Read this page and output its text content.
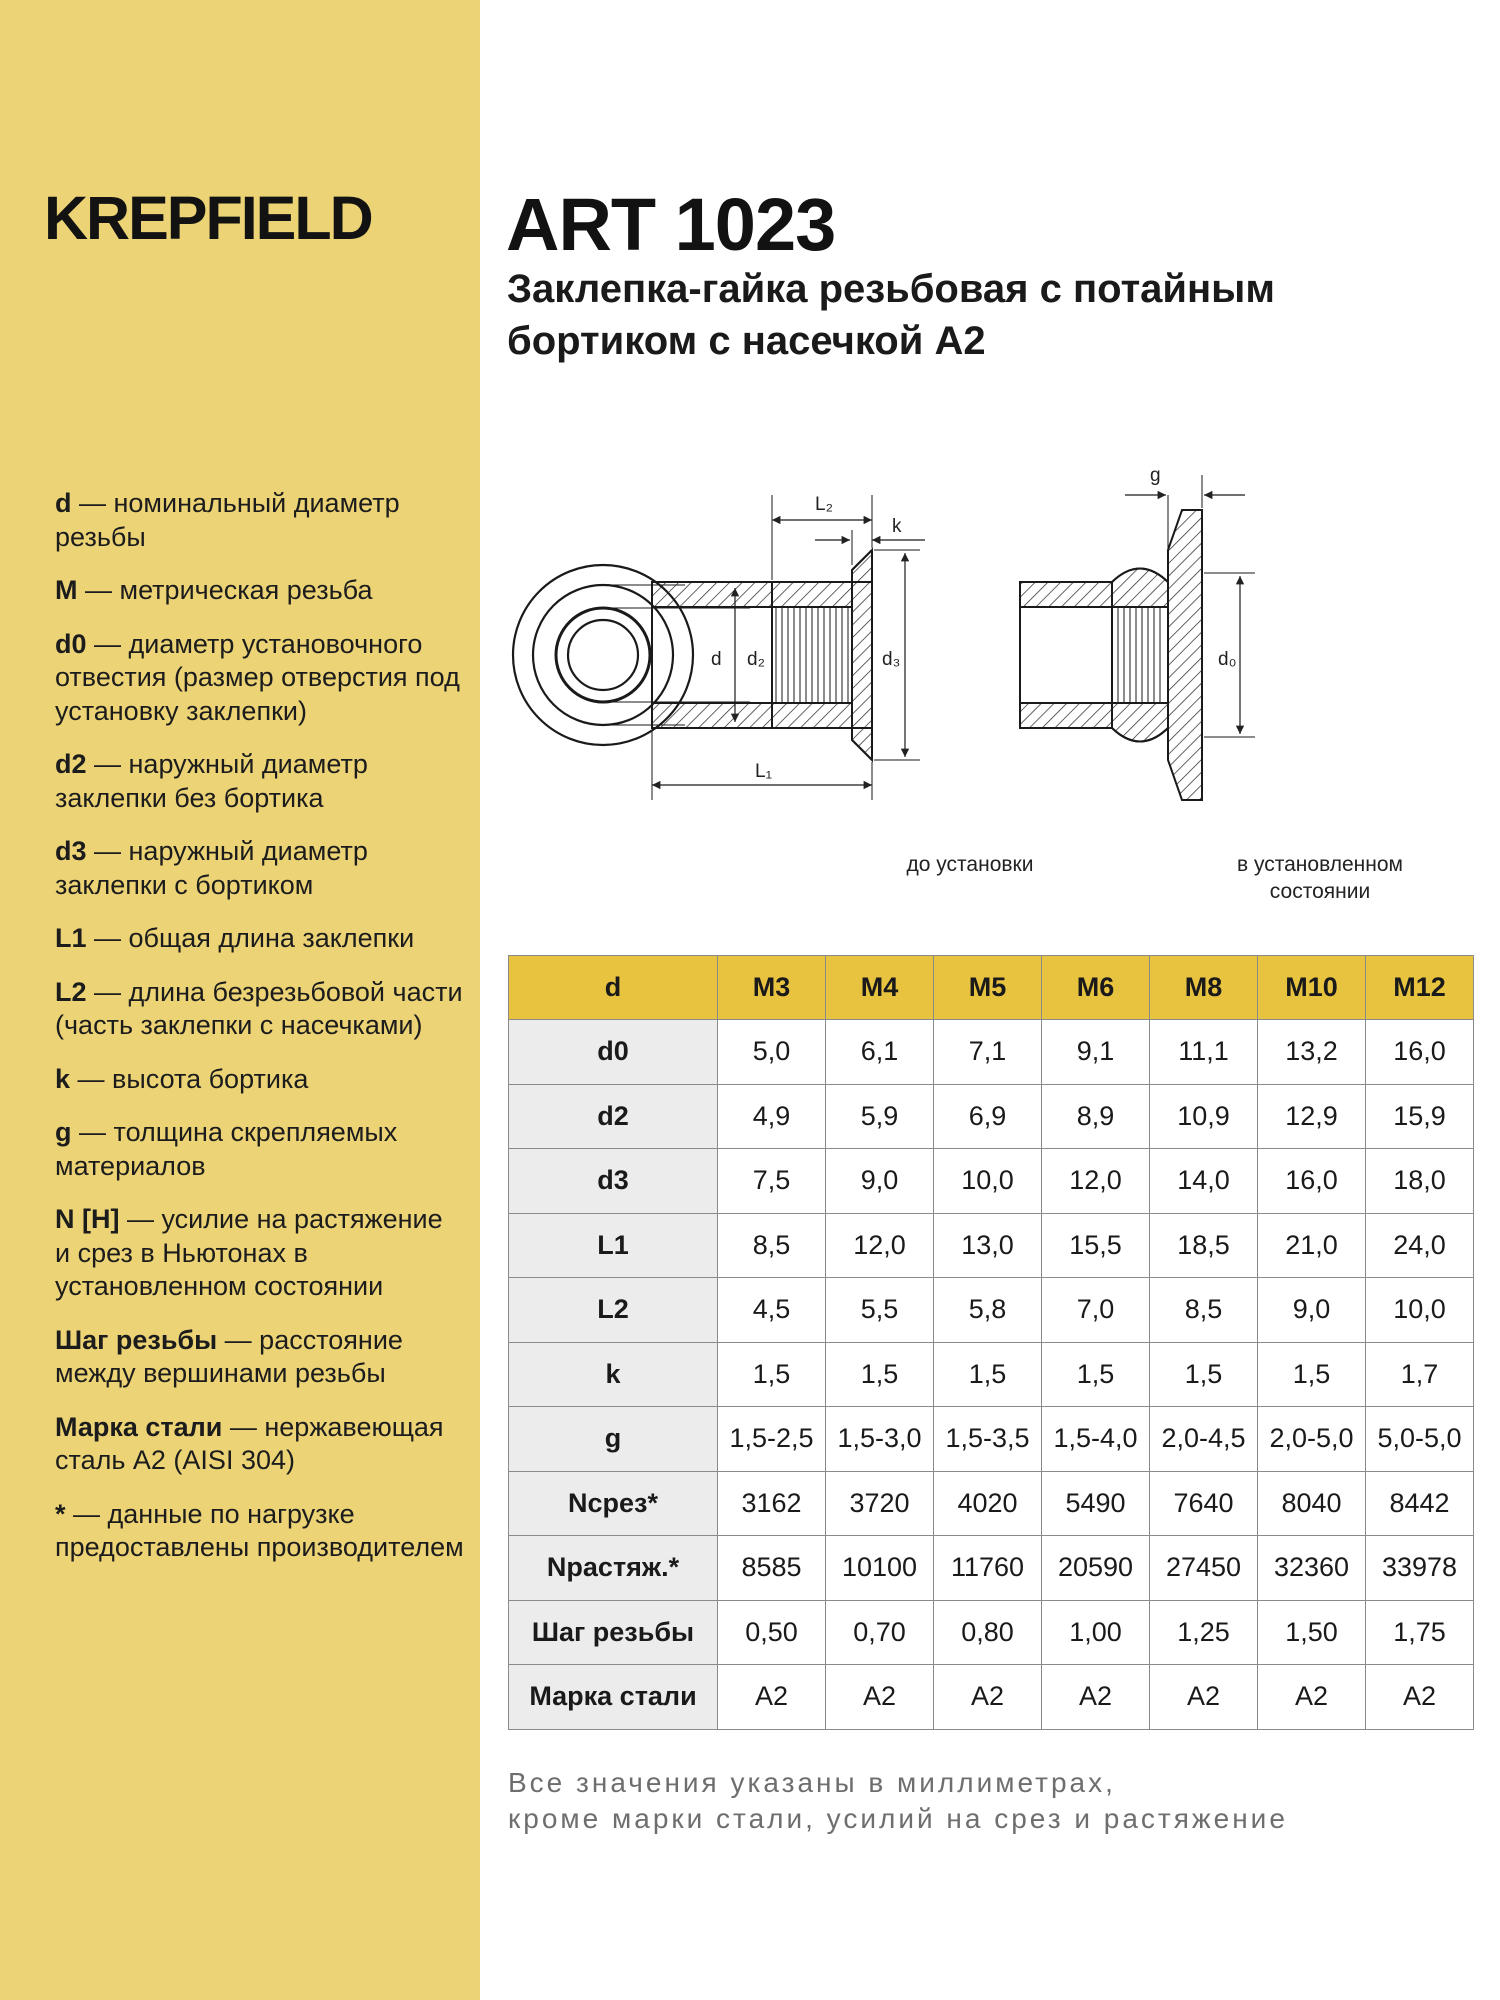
KREPFIELD
d — номинальный диаметр резьбы
M — метрическая резьба
d0 — диаметр установочного отвестия (размер отверстия под установку заклепки)
d2 — наружный диаметр заклепки без бортика
d3 — наружный диаметр заклепки с бортиком
L1 — общая длина заклепки
L2 — длина безрезьбовой части (часть заклепки с насечками)
k — высота бортика
g — толщина скрепляемых материалов
N [H] — усилие на растяжение и срез в Ньютонах в установленном состоянии
Шаг резьбы — расстояние между вершинами резьбы
Марка стали — нержавеющая сталь A2 (AISI 304)
* — данные по нагрузке предоставлены производителем
ART 1023
Заклепка-гайка резьбовая с потайным бортиком с насечкой А2
d d₂
L₂
L₁
d₃
k
g
d₀
до установки	в установленном
состоянии
d	M3	M4	M5	M6	M8	M10	M12
d0	5,0	6,1	7,1	9,1	11,1	13,2	16,0
d2	4,9	5,9	6,9	8,9	10,9	12,9	15,9
d3	7,5	9,0	10,0	12,0	14,0	16,0	18,0
L1	8,5	12,0	13,0	15,5	18,5	21,0	24,0
L2	4,5	5,5	5,8	7,0	8,5	9,0	10,0
k	1,5	1,5	1,5	1,5	1,5	1,5	1,7
g	1,5-2,5	1,5-3,0	1,5-3,5	1,5-4,0	2,0-4,5	2,0-5,0	5,0-5,0
Nсрез*	3162	3720	4020	5490	7640	8040	8442
Nрастяж.*	8585	10100	11760	20590	27450	32360	33978
Шаг резьбы	0,50	0,70	0,80	1,00	1,25	1,50	1,75
Марка стали	A2	A2	A2	A2	A2	A2	A2
Все значения указаны в миллиметрах,
кроме марки стали, усилий на срез и растяжение
